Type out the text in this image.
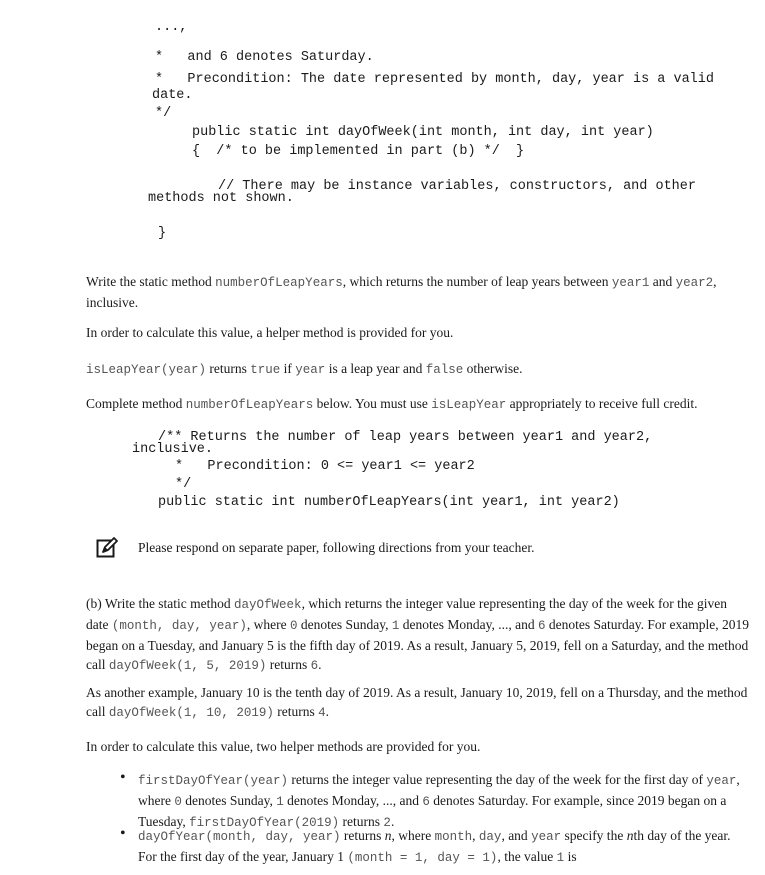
...,
*   and 6 denotes Saturday.
*   Precondition: The date represented by month, day, year is a valid
date.
*/
public static int dayOfWeek(int month, int day, int year)
{  /* to be implemented in part (b) */  }
// There may be instance variables, constructors, and other
methods not shown.
}
Write the static method numberOfLeapYears, which returns the number of leap years between year1 and year2, inclusive.
In order to calculate this value, a helper method is provided for you.
isLeapYear(year) returns true if year is a leap year and false otherwise.
Complete method numberOfLeapYears below. You must use isLeapYear appropriately to receive full credit.
/** Returns the number of leap years between year1 and year2,
inclusive.
*   Precondition: 0 <= year1 <= year2
*/
public static int numberOfLeapYears(int year1, int year2)
Please respond on separate paper, following directions from your teacher.
(b) Write the static method dayOfWeek, which returns the integer value representing the day of the week for the given date (month, day, year), where 0 denotes Sunday, 1 denotes Monday, ..., and 6 denotes Saturday. For example, 2019 began on a Tuesday, and January 5 is the fifth day of 2019. As a result, January 5, 2019, fell on a Saturday, and the method call dayOfWeek(1, 5, 2019) returns 6.
As another example, January 10 is the tenth day of 2019. As a result, January 10, 2019, fell on a Thursday, and the method call dayOfWeek(1, 10, 2019) returns 4.
In order to calculate this value, two helper methods are provided for you.
• firstDayOfYear(year) returns the integer value representing the day of the week for the first day of year, where 0 denotes Sunday, 1 denotes Monday, ..., and 6 denotes Saturday. For example, since 2019 began on a Tuesday, firstDayOfYear(2019) returns 2.
• dayOfYear(month, day, year) returns n, where month, day, and year specify the nth day of the year. For the first day of the year, January 1 (month = 1, day = 1), the value 1 is
